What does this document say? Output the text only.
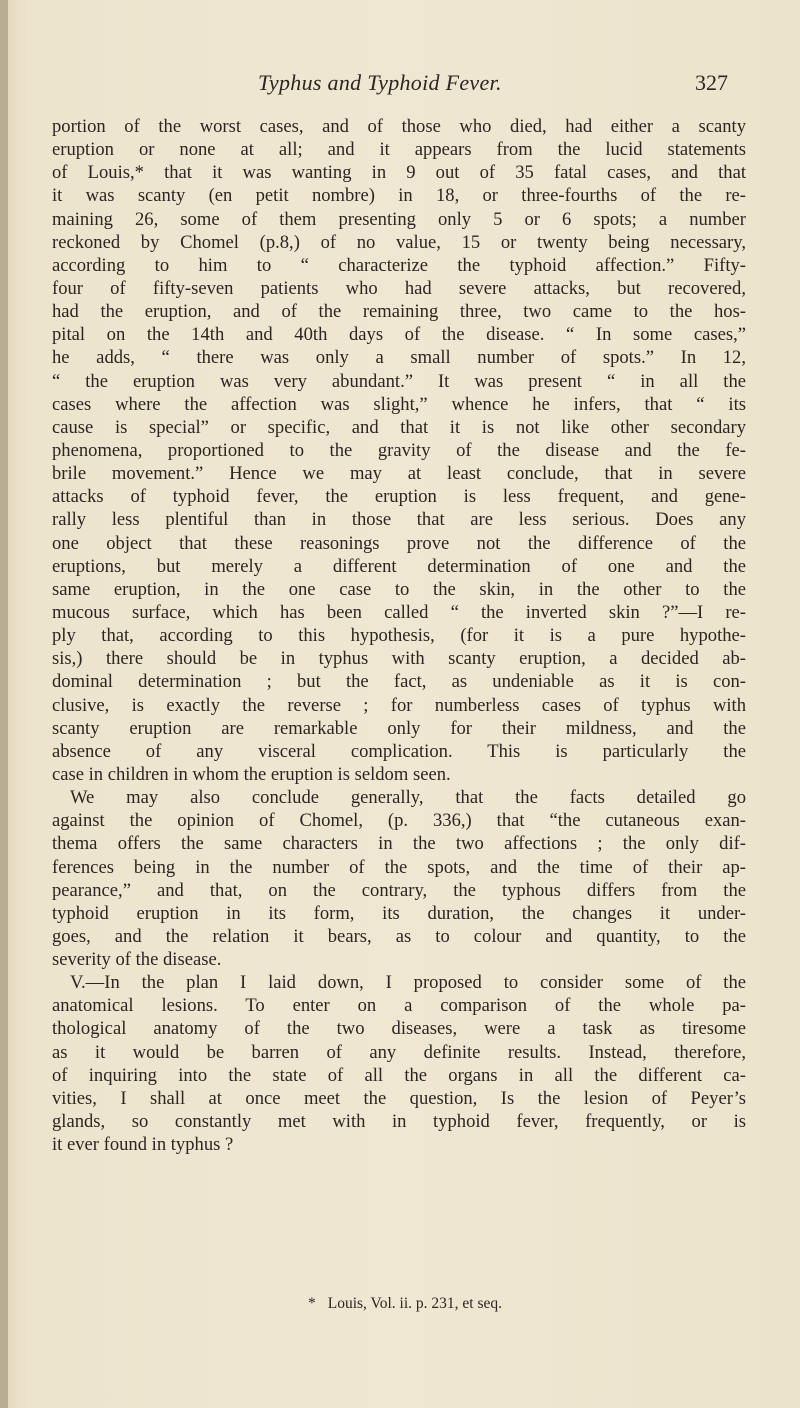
Typhus and Typhoid Fever.	327
portion of the worst cases, and of those who died, had either a scanty
eruption or none at all; and it appears from the lucid statements
of Louis,* that it was wanting in 9 out of 35 fatal cases, and that
it was scanty (en petit nombre) in 18, or three-fourths of the re-
maining 26, some of them presenting only 5 or 6 spots; a number
reckoned by Chomel (p.8,) of no value, 15 or twenty being necessary,
according to him to “ characterize the typhoid affection.” Fifty-
four of fifty-seven patients who had severe attacks, but recovered,
had the eruption, and of the remaining three, two came to the hos-
pital on the 14th and 40th days of the disease. “ In some cases,”
he adds, “ there was only a small number of spots.” In 12,
“ the eruption was very abundant.” It was present “ in all the
cases where the affection was slight,” whence he infers, that “ its
cause is special” or specific, and that it is not like other secondary
phenomena, proportioned to the gravity of the disease and the fe-
brile movement.” Hence we may at least conclude, that in severe
attacks of typhoid fever, the eruption is less frequent, and gene-
rally less plentiful than in those that are less serious. Does any
one object that these reasonings prove not the difference of the
eruptions, but merely a different determination of one and the
same eruption, in the one case to the skin, in the other to the
mucous surface, which has been called “ the inverted skin ?”—I re-
ply that, according to this hypothesis, (for it is a pure hypothe-
sis,) there should be in typhus with scanty eruption, a decided ab-
dominal determination ; but the fact, as undeniable as it is con-
clusive, is exactly the reverse ; for numberless cases of typhus with
scanty eruption are remarkable only for their mildness, and the
absence of any visceral complication. This is particularly the
case in children in whom the eruption is seldom seen.
We may also conclude generally, that the facts detailed go
against the opinion of Chomel, (p. 336,) that “the cutaneous exan-
thema offers the same characters in the two affections ; the only dif-
ferences being in the number of the spots, and the time of their ap-
pearance,” and that, on the contrary, the typhous differs from the
typhoid eruption in its form, its duration, the changes it under-
goes, and the relation it bears, as to colour and quantity, to the
severity of the disease.
V.—In the plan I laid down, I proposed to consider some of the
anatomical lesions. To enter on a comparison of the whole pa-
thological anatomy of the two diseases, were a task as tiresome
as it would be barren of any definite results. Instead, therefore,
of inquiring into the state of all the organs in all the different ca-
vities, I shall at once meet the question, Is the lesion of Peyer’s
glands, so constantly met with in typhoid fever, frequently, or is
it ever found in typhus ?
* Louis, Vol. ii. p. 231, et seq.
